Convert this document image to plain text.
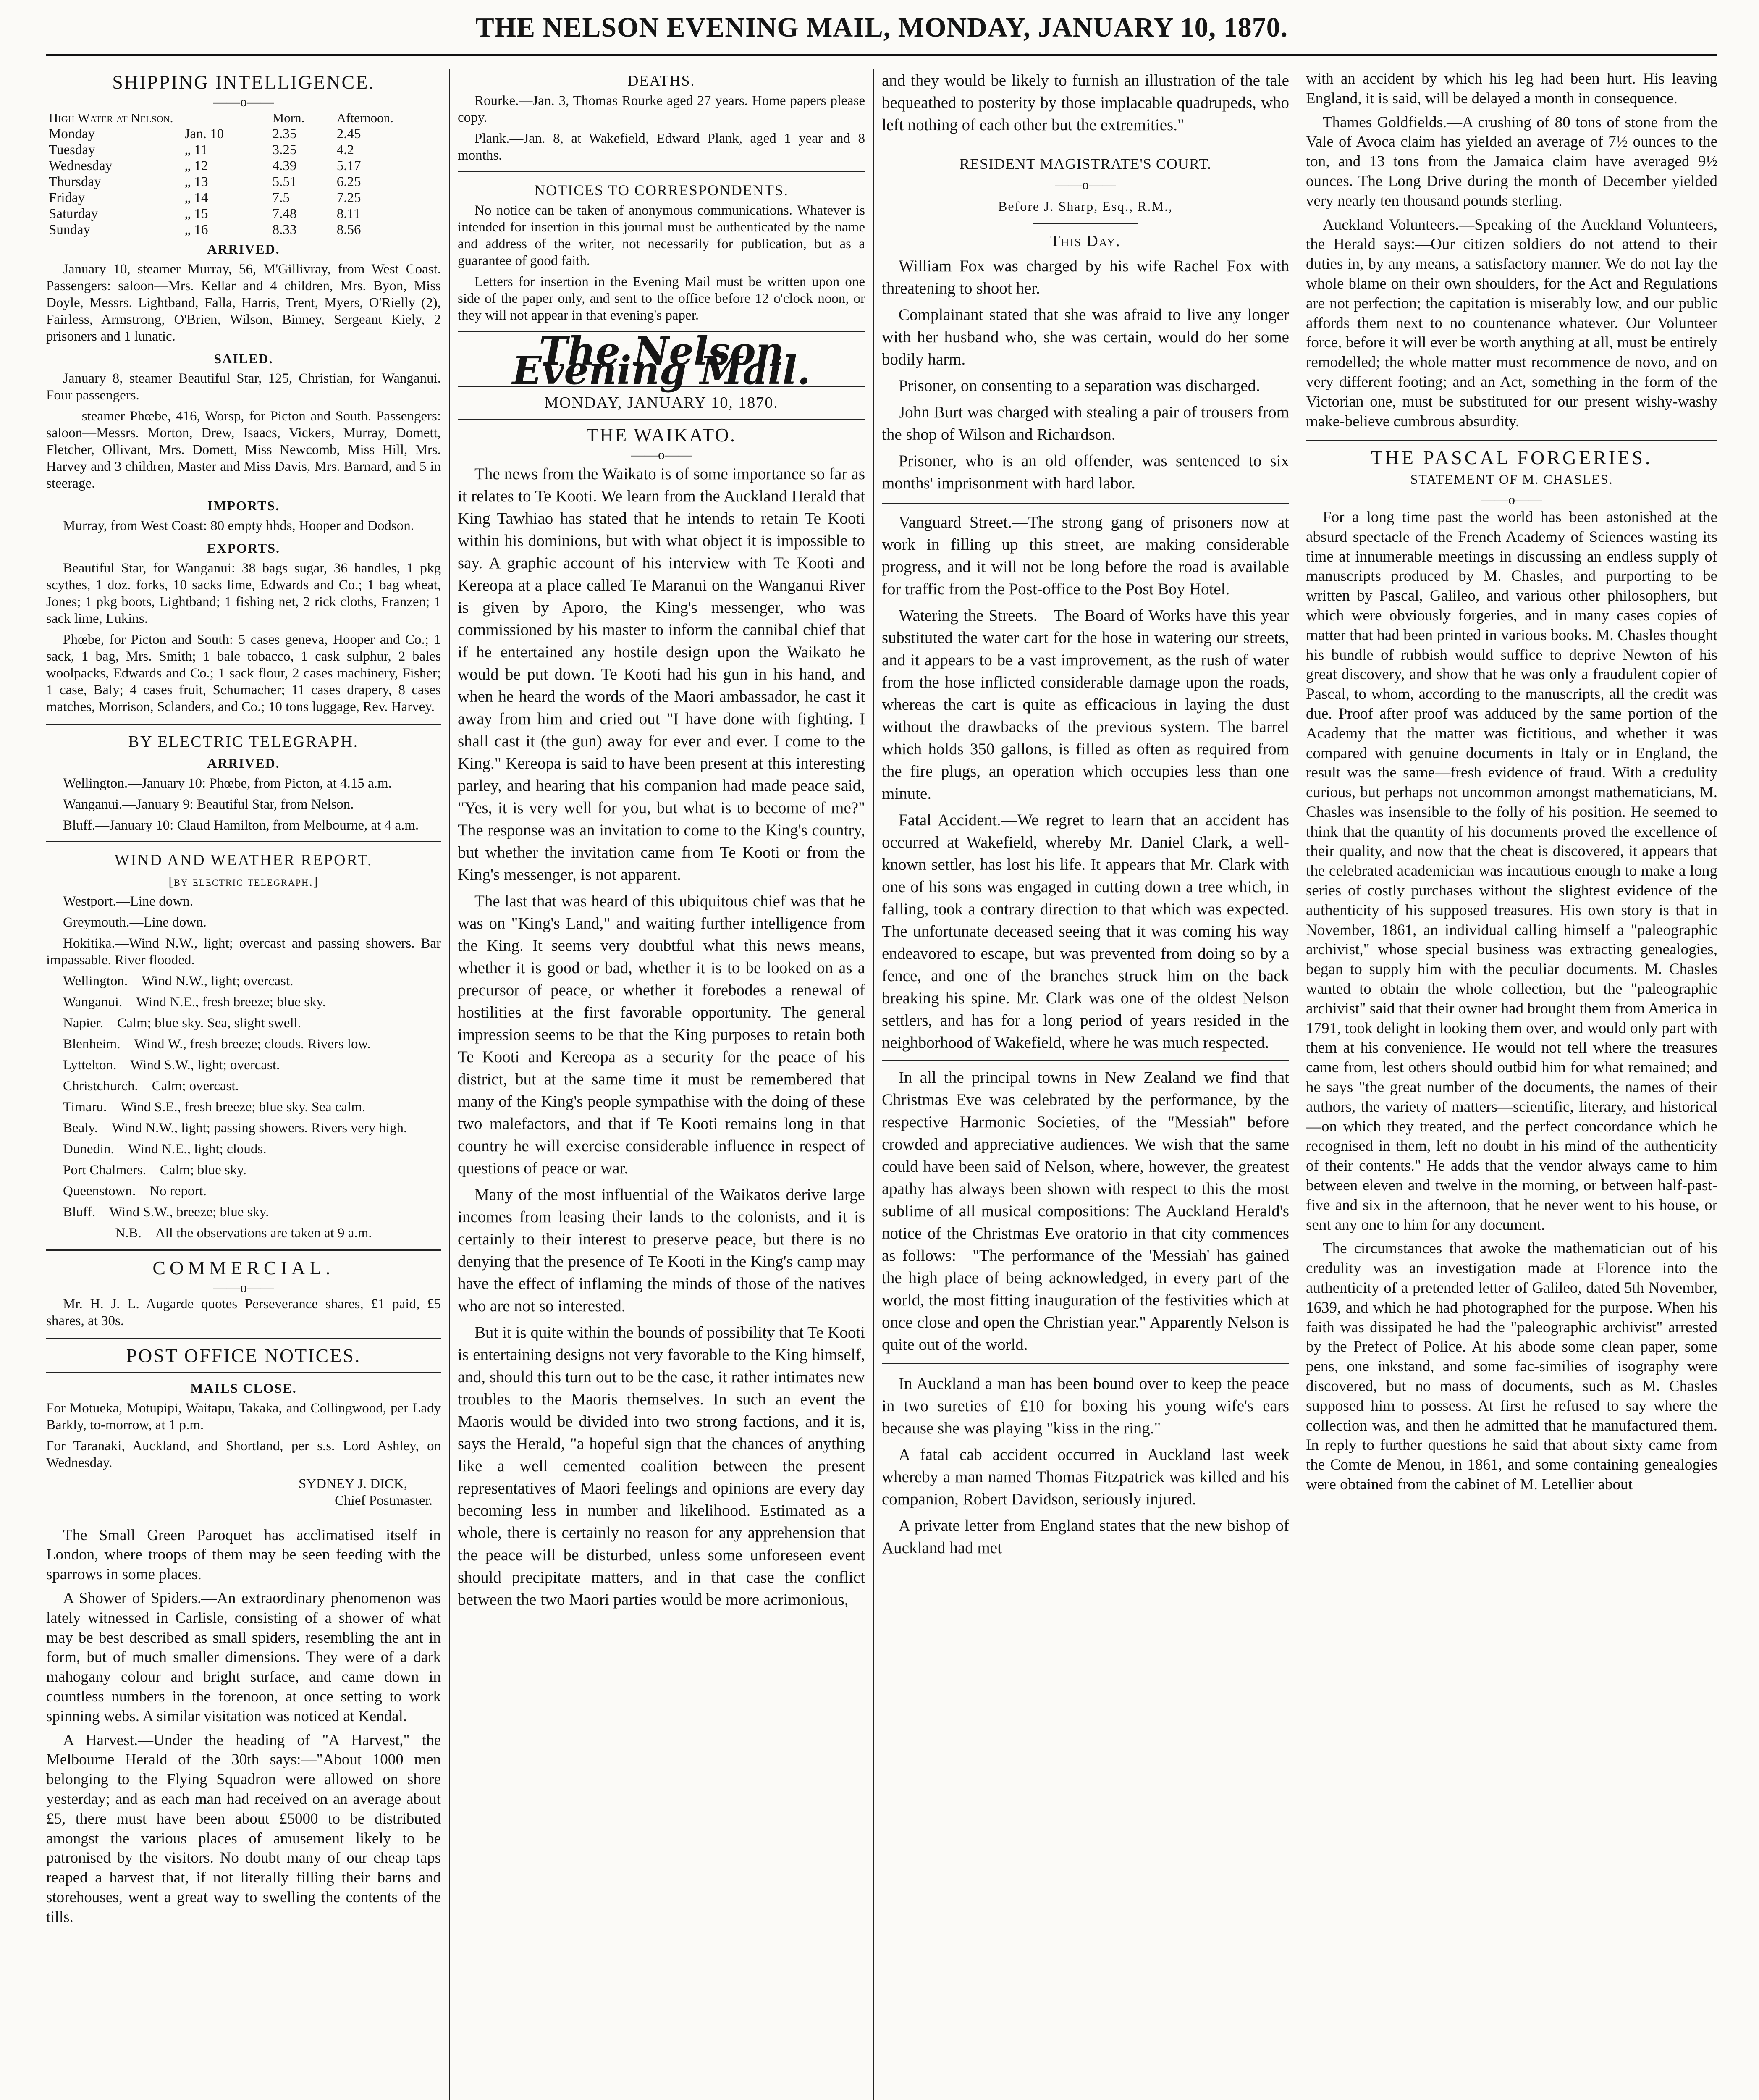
THE NELSON EVENING MAIL, MONDAY, JANUARY 10, 1870.
SHIPPING INTELLIGENCE.
——o——
High Water at Nelson.		Morn.	Afternoon.
Monday	Jan. 10	2.35	2.45
Tuesday	„ 11	3.25	4.2
Wednesday	„ 12	4.39	5.17
Thursday	„ 13	5.51	6.25
Friday	„ 14	7.5	7.25
Saturday	„ 15	7.48	8.11
Sunday	„ 16	8.33	8.56
ARRIVED.

January 10, steamer Murray, 56, M'Gillivray, from West Coast. Passengers: saloon—Mrs. Kellar and 4 children, Mrs. Byon, Miss Doyle, Messrs. Lightband, Falla, Harris, Trent, Myers, O'Rielly (2), Fairless, Armstrong, O'Brien, Wilson, Binney, Sergeant Kiely, 2 prisoners and 1 lunatic.

SAILED.

January 8, steamer Beautiful Star, 125, Christian, for Wanganui. Four passengers.

— steamer Phœbe, 416, Worsp, for Picton and South. Passengers: saloon—Messrs. Morton, Drew, Isaacs, Vickers, Murray, Domett, Fletcher, Ollivant, Mrs. Domett, Miss Newcomb, Miss Hill, Mrs. Harvey and 3 children, Master and Miss Davis, Mrs. Barnard, and 5 in steerage.

IMPORTS.

Murray, from West Coast: 80 empty hhds, Hooper and Dodson.

EXPORTS.

Beautiful Star, for Wanganui: 38 bags sugar, 36 handles, 1 pkg scythes, 1 doz. forks, 10 sacks lime, Edwards and Co.; 1 bag wheat, Jones; 1 pkg boots, Lightband; 1 fishing net, 2 rick cloths, Franzen; 1 sack lime, Lukins.

Phœbe, for Picton and South: 5 cases geneva, Hooper and Co.; 1 sack, 1 bag, Mrs. Smith; 1 bale tobacco, 1 cask sulphur, 2 bales woolpacks, Edwards and Co.; 1 sack flour, 2 cases machinery, Fisher; 1 case, Baly; 4 cases fruit, Schumacher; 11 cases drapery, 8 cases matches, Morrison, Sclanders, and Co.; 10 tons luggage, Rev. Harvey.

BY ELECTRIC TELEGRAPH.
ARRIVED.

Wellington.—January 10: Phœbe, from Picton, at 4.15 a.m.

Wanganui.—January 9: Beautiful Star, from Nelson.

Bluff.—January 10: Claud Hamilton, from Melbourne, at 4 a.m.

WIND AND WEATHER REPORT.
[by electric telegraph.]

Westport.—Line down.

Greymouth.—Line down.

Hokitika.—Wind N.W., light; overcast and passing showers. Bar impassable. River flooded.

Wellington.—Wind N.W., light; overcast.

Wanganui.—Wind N.E., fresh breeze; blue sky.

Napier.—Calm; blue sky. Sea, slight swell.

Blenheim.—Wind W., fresh breeze; clouds. Rivers low.

Lyttelton.—Wind S.W., light; overcast.

Christchurch.—Calm; overcast.

Timaru.—Wind S.E., fresh breeze; blue sky. Sea calm.

Bealy.—Wind N.W., light; passing showers. Rivers very high.

Dunedin.—Wind N.E., light; clouds.

Port Chalmers.—Calm; blue sky.

Queenstown.—No report.

Bluff.—Wind S.W., breeze; blue sky.

N.B.—All the observations are taken at 9 a.m.

COMMERCIAL.
——o——

Mr. H. J. L. Augarde quotes Perseverance shares, £1 paid, £5 shares, at 30s.

POST OFFICE NOTICES.
MAILS CLOSE.

For Motueka, Motupipi, Waitapu, Takaka, and Collingwood, per Lady Barkly, to-morrow, at 1 p.m.

For Taranaki, Auckland, and Shortland, per s.s. Lord Ashley, on Wednesday.

SYDNEY J. DICK,
Chief Postmaster.

The Small Green Paroquet has acclimatised itself in London, where troops of them may be seen feeding with the sparrows in some places.

A Shower of Spiders.—An extraordinary phenomenon was lately witnessed in Carlisle, consisting of a shower of what may be best described as small spiders, resembling the ant in form, but of much smaller dimensions. They were of a dark mahogany colour and bright surface, and came down in countless numbers in the forenoon, at once setting to work spinning webs. A similar visitation was noticed at Kendal.

A Harvest.—Under the heading of "A Harvest," the Melbourne Herald of the 30th says:—"About 1000 men belonging to the Flying Squadron were allowed on shore yesterday; and as each man had received on an average about £5, there must have been about £5000 to be distributed amongst the various places of amusement likely to be patronised by the visitors. No doubt many of our cheap taps reaped a harvest that, if not literally filling their barns and storehouses, went a great way to swelling the contents of the tills.

DEATHS.

Rourke.—Jan. 3, Thomas Rourke aged 27 years. Home papers please copy.

Plank.—Jan. 8, at Wakefield, Edward Plank, aged 1 year and 8 months.

NOTICES TO CORRESPONDENTS.

No notice can be taken of anonymous communications. Whatever is intended for insertion in this journal must be authenticated by the name and address of the writer, not necessarily for publication, but as a guarantee of good faith.

Letters for insertion in the Evening Mail must be written upon one side of the paper only, and sent to the office before 12 o'clock noon, or they will not appear in that evening's paper.

The Nelson Evening Mail.
MONDAY, JANUARY 10, 1870.
THE WAIKATO.
——o——

The news from the Waikato is of some importance so far as it relates to Te Kooti. We learn from the Auckland Herald that King Tawhiao has stated that he intends to retain Te Kooti within his dominions, but with what object it is impossible to say. A graphic account of his interview with Te Kooti and Kereopa at a place called Te Maranui on the Wanganui River is given by Aporo, the King's messenger, who was commissioned by his master to inform the cannibal chief that if he entertained any hostile design upon the Waikato he would be put down. Te Kooti had his gun in his hand, and when he heard the words of the Maori ambassador, he cast it away from him and cried out "I have done with fighting. I shall cast it (the gun) away for ever and ever. I come to the King." Kereopa is said to have been present at this interesting parley, and hearing that his companion had made peace said, "Yes, it is very well for you, but what is to become of me?" The response was an invitation to come to the King's country, but whether the invitation came from Te Kooti or from the King's messenger, is not apparent.

The last that was heard of this ubiquitous chief was that he was on "King's Land," and waiting further intelligence from the King. It seems very doubtful what this news means, whether it is good or bad, whether it is to be looked on as a precursor of peace, or whether it forebodes a renewal of hostilities at the first favorable opportunity. The general impression seems to be that the King purposes to retain both Te Kooti and Kereopa as a security for the peace of his district, but at the same time it must be remembered that many of the King's people sympathise with the doing of these two malefactors, and that if Te Kooti remains long in that country he will exercise considerable influence in respect of questions of peace or war.

Many of the most influential of the Waikatos derive large incomes from leasing their lands to the colonists, and it is certainly to their interest to preserve peace, but there is no denying that the presence of Te Kooti in the King's camp may have the effect of inflaming the minds of those of the natives who are not so interested.

But it is quite within the bounds of possibility that Te Kooti is entertaining designs not very favorable to the King himself, and, should this turn out to be the case, it rather intimates new troubles to the Maoris themselves. In such an event the Maoris would be divided into two strong factions, and it is, says the Herald, "a hopeful sign that the chances of anything like a well cemented coalition between the present representatives of Maori feelings and opinions are every day becoming less in number and likelihood. Estimated as a whole, there is certainly no reason for any apprehension that the peace will be disturbed, unless some unforeseen event should precipitate matters, and in that case the conflict between the two Maori parties would be more acrimonious,

and they would be likely to furnish an illustration of the tale bequeathed to posterity by those implacable quadrupeds, who left nothing of each other but the extremities."

RESIDENT MAGISTRATE'S COURT.
——o——
Before J. Sharp, Esq., R.M.,
This Day.

William Fox was charged by his wife Rachel Fox with threatening to shoot her.

Complainant stated that she was afraid to live any longer with her husband who, she was certain, would do her some bodily harm.

Prisoner, on consenting to a separation was discharged.

John Burt was charged with stealing a pair of trousers from the shop of Wilson and Richardson.

Prisoner, who is an old offender, was sentenced to six months' imprisonment with hard labor.

Vanguard Street.—The strong gang of prisoners now at work in filling up this street, are making considerable progress, and it will not be long before the road is available for traffic from the Post-office to the Post Boy Hotel.

Watering the Streets.—The Board of Works have this year substituted the water cart for the hose in watering our streets, and it appears to be a vast improvement, as the rush of water from the hose inflicted considerable damage upon the roads, whereas the cart is quite as efficacious in laying the dust without the drawbacks of the previous system. The barrel which holds 350 gallons, is filled as often as required from the fire plugs, an operation which occupies less than one minute.

Fatal Accident.—We regret to learn that an accident has occurred at Wakefield, whereby Mr. Daniel Clark, a well-known settler, has lost his life. It appears that Mr. Clark with one of his sons was engaged in cutting down a tree which, in falling, took a contrary direction to that which was expected. The unfortunate deceased seeing that it was coming his way endeavored to escape, but was prevented from doing so by a fence, and one of the branches struck him on the back breaking his spine. Mr. Clark was one of the oldest Nelson settlers, and has for a long period of years resided in the neighborhood of Wakefield, where he was much respected.

In all the principal towns in New Zealand we find that Christmas Eve was celebrated by the performance, by the respective Harmonic Societies, of the "Messiah" before crowded and appreciative audiences. We wish that the same could have been said of Nelson, where, however, the greatest apathy has always been shown with respect to this the most sublime of all musical compositions: The Auckland Herald's notice of the Christmas Eve oratorio in that city commences as follows:—"The performance of the 'Messiah' has gained the high place of being acknowledged, in every part of the world, the most fitting inauguration of the festivities which at once close and open the Christian year." Apparently Nelson is quite out of the world.

In Auckland a man has been bound over to keep the peace in two sureties of £10 for boxing his young wife's ears because she was playing "kiss in the ring."

A fatal cab accident occurred in Auckland last week whereby a man named Thomas Fitzpatrick was killed and his companion, Robert Davidson, seriously injured.

A private letter from England states that the new bishop of Auckland had met

with an accident by which his leg had been hurt. His leaving England, it is said, will be delayed a month in consequence.

Thames Goldfields.—A crushing of 80 tons of stone from the Vale of Avoca claim has yielded an average of 7½ ounces to the ton, and 13 tons from the Jamaica claim have averaged 9½ ounces. The Long Drive during the month of December yielded very nearly ten thousand pounds sterling.

Auckland Volunteers.—Speaking of the Auckland Volunteers, the Herald says:—Our citizen soldiers do not attend to their duties in, by any means, a satisfactory manner. We do not lay the whole blame on their own shoulders, for the Act and Regulations are not perfection; the capitation is miserably low, and our public affords them next to no countenance whatever. Our Volunteer force, before it will ever be worth anything at all, must be entirely remodelled; the whole matter must recommence de novo, and on very different footing; and an Act, something in the form of the Victorian one, must be substituted for our present wishy-washy make-believe cumbrous absurdity.

THE PASCAL FORGERIES.
STATEMENT OF M. CHASLES.
——o——

For a long time past the world has been astonished at the absurd spectacle of the French Academy of Sciences wasting its time at innumerable meetings in discussing an endless supply of manuscripts produced by M. Chasles, and purporting to be written by Pascal, Galileo, and various other philosophers, but which were obviously forgeries, and in many cases copies of matter that had been printed in various books. M. Chasles thought his bundle of rubbish would suffice to deprive Newton of his great discovery, and show that he was only a fraudulent copier of Pascal, to whom, according to the manuscripts, all the credit was due. Proof after proof was adduced by the same portion of the Academy that the matter was fictitious, and whether it was compared with genuine documents in Italy or in England, the result was the same—fresh evidence of fraud. With a credulity curious, but perhaps not uncommon amongst mathematicians, M. Chasles was insensible to the folly of his position. He seemed to think that the quantity of his documents proved the excellence of their quality, and now that the cheat is discovered, it appears that the celebrated academician was incautious enough to make a long series of costly purchases without the slightest evidence of the authenticity of his supposed treasures. His own story is that in November, 1861, an individual calling himself a "paleographic archivist," whose special business was extracting genealogies, began to supply him with the peculiar documents. M. Chasles wanted to obtain the whole collection, but the "paleographic archivist" said that their owner had brought them from America in 1791, took delight in looking them over, and would only part with them at his convenience. He would not tell where the treasures came from, lest others should outbid him for what remained; and he says "the great number of the documents, the names of their authors, the variety of matters—scientific, literary, and historical—on which they treated, and the perfect concordance which he recognised in them, left no doubt in his mind of the authenticity of their contents." He adds that the vendor always came to him between eleven and twelve in the morning, or between half-past-five and six in the afternoon, that he never went to his house, or sent any one to him for any document.

The circumstances that awoke the mathematician out of his credulity was an investigation made at Florence into the authenticity of a pretended letter of Galileo, dated 5th November, 1639, and which he had photographed for the purpose. When his faith was dissipated he had the "paleographic archivist" arrested by the Prefect of Police. At his abode some clean paper, some pens, one inkstand, and some fac-similies of isography were discovered, but no mass of documents, such as M. Chasles supposed him to possess. At first he refused to say where the collection was, and then he admitted that he manufactured them. In reply to further questions he said that about sixty came from the Comte de Menou, in 1861, and some containing genealogies were obtained from the cabinet of M. Letellier about
